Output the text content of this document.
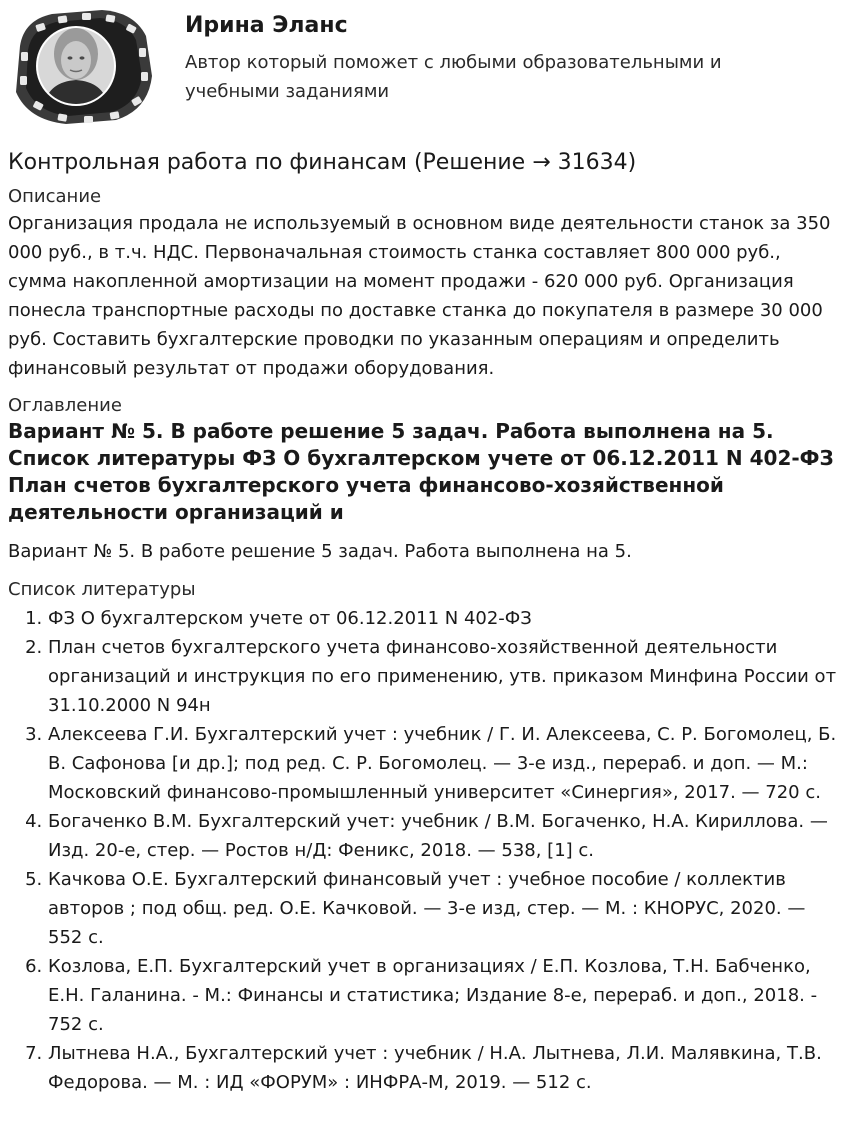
Ирина Эланс

Автор который поможет с любыми образовательными и учебными заданиями

Контрольная работа по финансам (Решение → 31634)
Описание

Организация продала не используемый в основном виде деятельности станок за 350 000 руб., в т.ч. НДС. Первоначальная стоимость станка составляет 800 000 руб., сумма накопленной амортизации на момент продажи - 620 000 руб. Организация понесла транспортные расходы по доставке станка до покупателя в размере 30 000 руб. Составить бухгалтерские проводки по указанным операциям и определить финансовый результат от продажи оборудования.

Оглавление

Вариант № 5. В работе решение 5 задач. Работа выполнена на 5. Список литературы ФЗ О бухгалтерском учете от 06.12.2011 N 402-ФЗ План счетов бухгалтерского учета финансово-хозяйственной деятельности организаций и

Вариант № 5. В работе решение 5 задач. Работа выполнена на 5.

Список литературы
1. ФЗ О бухгалтерском учете от 06.12.2011 N 402-ФЗ
2. План счетов бухгалтерского учета финансово-хозяйственной деятельности организаций и инструкция по его применению, утв. приказом Минфина России от 31.10.2000 N 94н
3. Алексеева Г.И. Бухгалтерский учет : учебник / Г. И. Алексеева, С. Р. Богомолец, Б. В. Сафонова [и др.]; под ред. С. Р. Богомолец. — 3-е изд., перераб. и доп. — М.: Московский финансово-промышленный университет «Синергия», 2017. — 720 с.
4. Богаченко В.М. Бухгалтерский учет: учебник / В.М. Богаченко, Н.А. Кириллова. — Изд. 20-е, стер. — Ростов н/Д: Феникс, 2018. — 538, [1] с.
5. Качкова О.Е. Бухгалтерский финансовый учет : учебное пособие / коллектив авторов ; под общ. ред. О.Е. Качковой. — 3-е изд, стер. — М. : КНОРУС, 2020. — 552 с.
6. Козлова, Е.П. Бухгалтерский учет в организациях / Е.П. Козлова, Т.Н. Бабченко, Е.Н. Галанина. - М.: Финансы и статистика; Издание 8-е, перераб. и доп., 2018. - 752 с.
7. Лытнева Н.А., Бухгалтерский учет : учебник / Н.А. Лытнева, Л.И. Малявкина, Т.В. Федорова. — М. : ИД «ФОРУМ» : ИНФРА-М, 2019. — 512 с.
